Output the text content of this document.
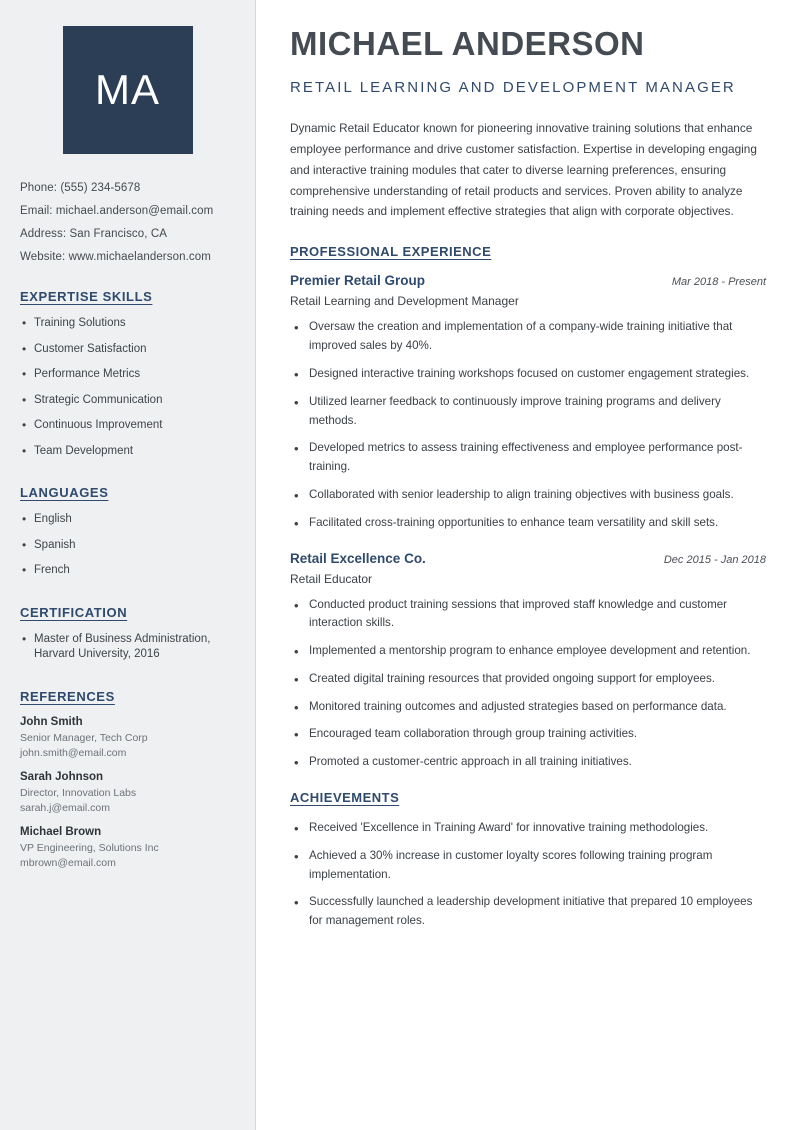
MA
Phone: (555) 234-5678
Email: michael.anderson@email.com
Address: San Francisco, CA
Website: www.michaelanderson.com
EXPERTISE SKILLS
• Training Solutions
• Customer Satisfaction
• Performance Metrics
• Strategic Communication
• Continuous Improvement
• Team Development
LANGUAGES
• English
• Spanish
• French
CERTIFICATION
• Master of Business Administration, Harvard University, 2016
REFERENCES
John Smith
Senior Manager, Tech Corp
john.smith@email.com
Sarah Johnson
Director, Innovation Labs
sarah.j@email.com
Michael Brown
VP Engineering, Solutions Inc
mbrown@email.com
MICHAEL ANDERSON
RETAIL LEARNING AND DEVELOPMENT MANAGER
Dynamic Retail Educator known for pioneering innovative training solutions that enhance employee performance and drive customer satisfaction. Expertise in developing engaging and interactive training modules that cater to diverse learning preferences, ensuring comprehensive understanding of retail products and services. Proven ability to analyze training needs and implement effective strategies that align with corporate objectives.
PROFESSIONAL EXPERIENCE
Premier Retail Group	Mar 2018 - Present
Retail Learning and Development Manager
• Oversaw the creation and implementation of a company-wide training initiative that improved sales by 40%.
• Designed interactive training workshops focused on customer engagement strategies.
• Utilized learner feedback to continuously improve training programs and delivery methods.
• Developed metrics to assess training effectiveness and employee performance post-training.
• Collaborated with senior leadership to align training objectives with business goals.
• Facilitated cross-training opportunities to enhance team versatility and skill sets.
Retail Excellence Co.	Dec 2015 - Jan 2018
Retail Educator
• Conducted product training sessions that improved staff knowledge and customer interaction skills.
• Implemented a mentorship program to enhance employee development and retention.
• Created digital training resources that provided ongoing support for employees.
• Monitored training outcomes and adjusted strategies based on performance data.
• Encouraged team collaboration through group training activities.
• Promoted a customer-centric approach in all training initiatives.
ACHIEVEMENTS
• Received 'Excellence in Training Award' for innovative training methodologies.
• Achieved a 30% increase in customer loyalty scores following training program implementation.
• Successfully launched a leadership development initiative that prepared 10 employees for management roles.
